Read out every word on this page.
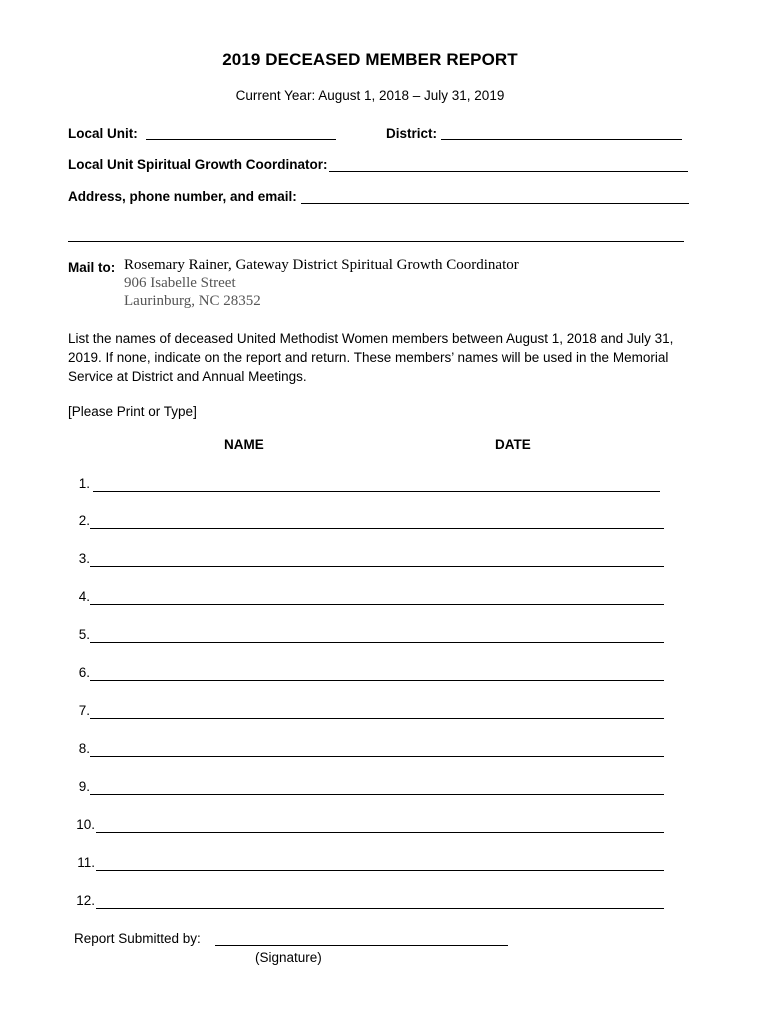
2019 DECEASED MEMBER REPORT
Current Year: August 1, 2018 – July 31, 2019
Local Unit:	District:
Local Unit Spiritual Growth Coordinator:
Address, phone number, and email:
Mail to: Rosemary Rainer, Gateway District Spiritual Growth Coordinator
906 Isabelle Street
Laurinburg, NC 28352
List the names of deceased United Methodist Women members between August 1, 2018 and July 31, 2019. If none, indicate on the report and return. These members’ names will be used in the Memorial Service at District and Annual Meetings.
[Please Print or Type]
NAME	DATE
1.
2.
3.
4.
5.
6.
7.
8.
9.
10.
11.
12.
Report Submitted by:
(Signature)
